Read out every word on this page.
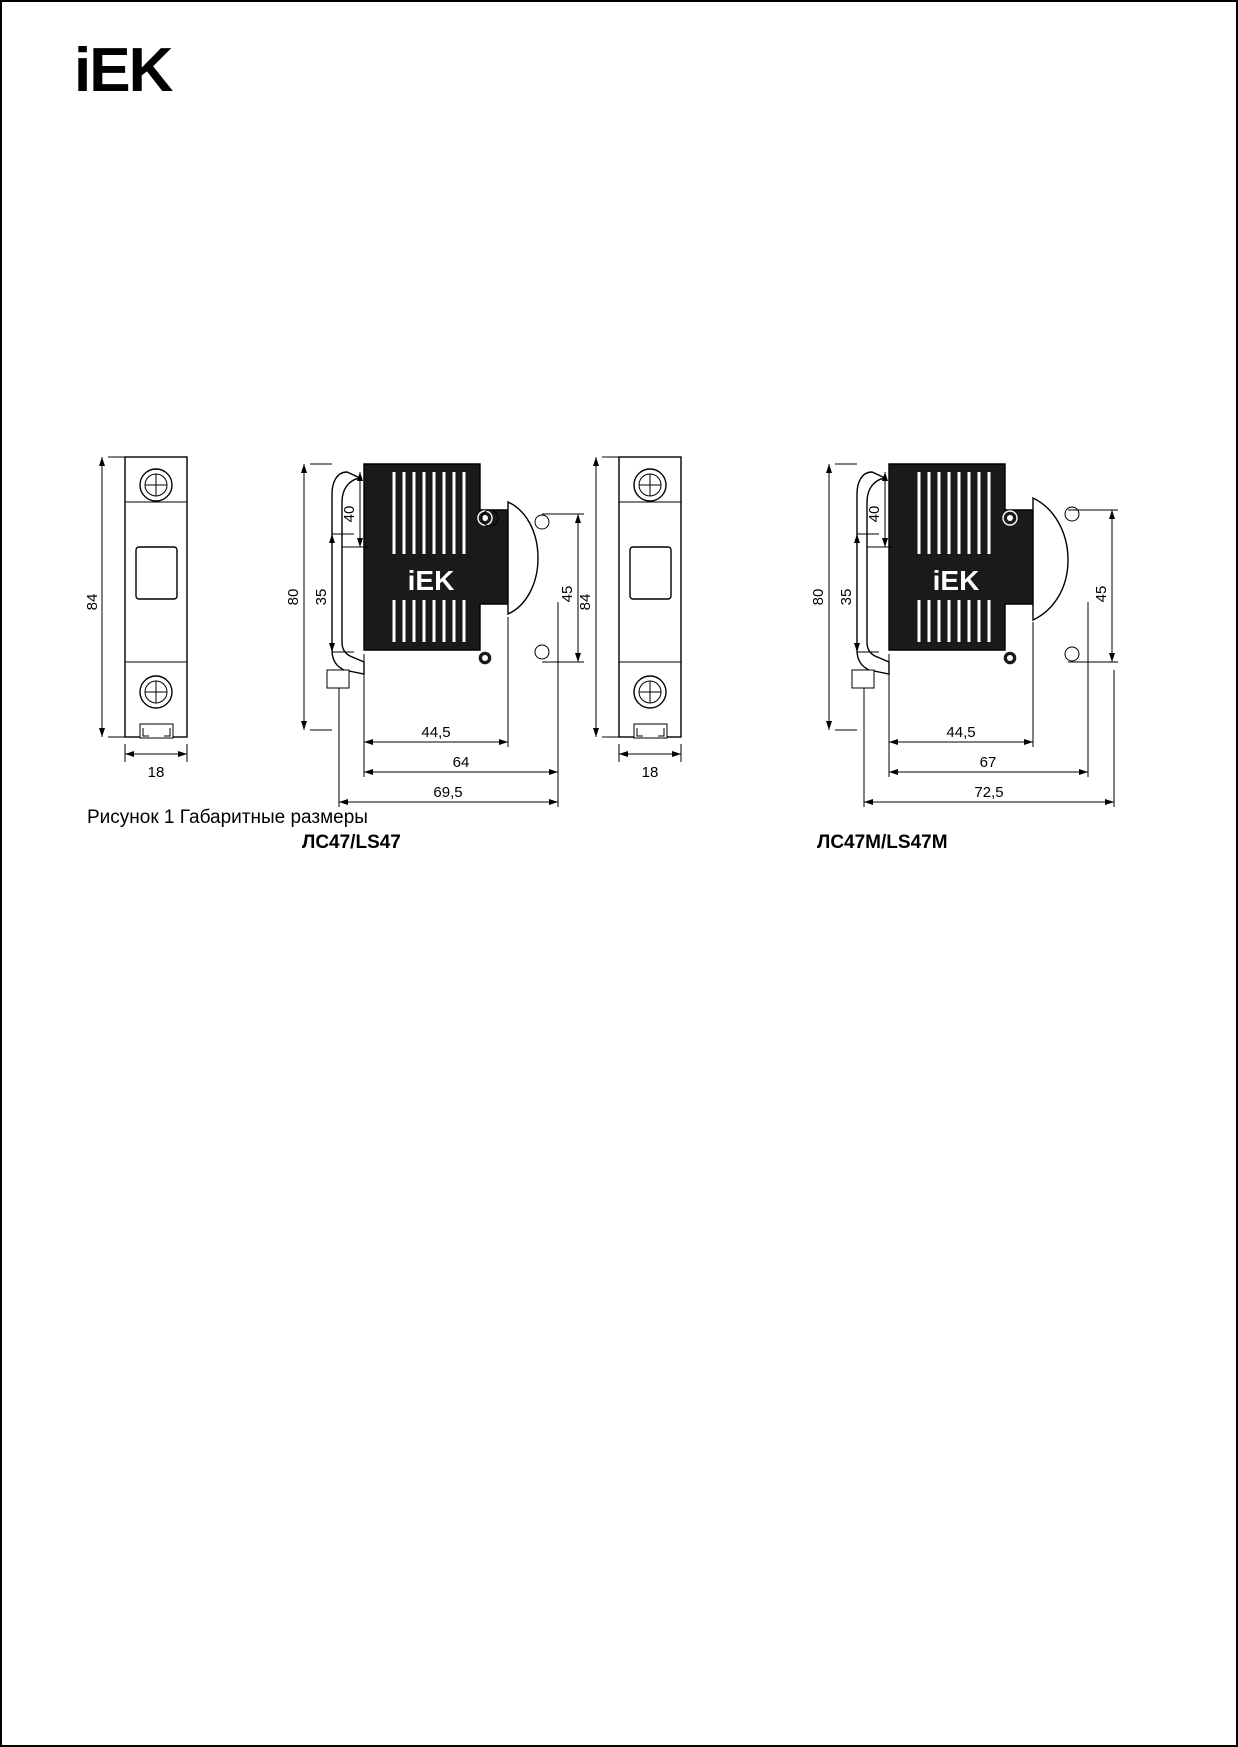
iEK
84
18
iEK
80 35
40
45
44,5
64
69,5
84
18
iEK
80 35
40
45
44,5
67
72,5
ЛС47/LS47	ЛС47M/LS47M
Рисунок 1 Габаритные размеры
